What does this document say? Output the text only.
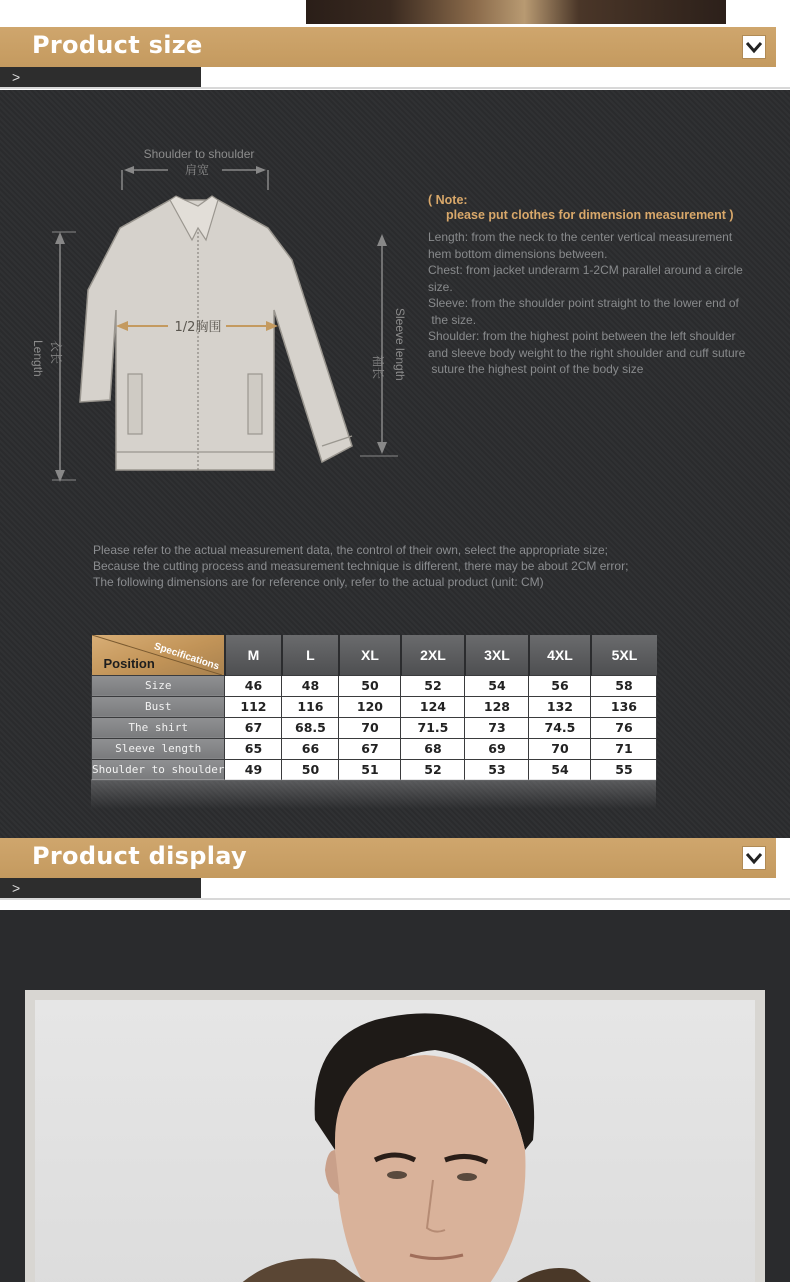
Product size
>
Shoulder to shoulder
肩宽
Length 衣长
1/2胸围
袖长 Sleeve length
( Note:
please put clothes for dimension measurement )
Length: from the neck to the center vertical measurement
hem bottom dimensions between.
Chest: from jacket underarm 1-2CM parallel around a circle
size.
Sleeve: from the shoulder point straight to the lower end of
the size.
Shoulder: from the highest point between the left shoulder
and sleeve body weight to the right shoulder and cuff suture
suture the highest point of the body size
Please refer to the actual measurement data, the control of their own, select the appropriate size;
Because the cutting process and measurement technique is different, there may be about 2CM error;
The following dimensions are for reference only, refer to the actual product (unit: CM)
Specifications
Position	M	L	XL	2XL	3XL	4XL	5XL
Size	46	48	50	52	54	56	58
Bust	112	116	120	124	128	132	136
The shirt	67	68.5	70	71.5	73	74.5	76
Sleeve length	65	66	67	68	69	70	71
Shoulder to shoulder	49	50	51	52	53	54	55
Product display
>
